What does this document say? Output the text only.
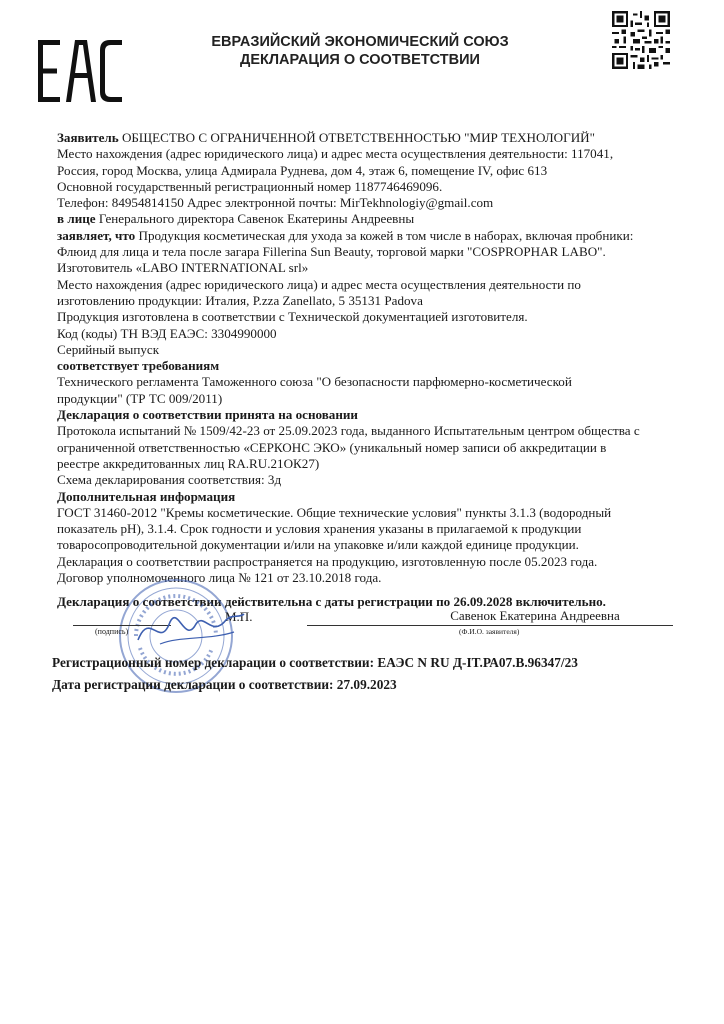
ЕВРАЗИЙСКИЙ ЭКОНОМИЧЕСКИЙ СОЮЗ
ДЕКЛАРАЦИЯ О СООТВЕТСТВИИ
Заявитель ОБЩЕСТВО С ОГРАНИЧЕННОЙ ОТВЕТСТВЕННОСТЬЮ "МИР ТЕХНОЛОГИЙ"
Место нахождения (адрес юридического лица) и адрес места осуществления деятельности: 117041,
Россия, город Москва, улица Адмирала Руднева, дом 4, этаж 6, помещение IV, офис 613
Основной государственный регистрационный номер 1187746469096.
Телефон: 84954814150 Адрес электронной почты: MirTekhnologiy@gmail.com
в лице Генерального директора Савенок Екатерины Андреевны
заявляет, что Продукция косметическая для ухода за кожей в том числе в наборах, включая пробники:
Флюид для лица и тела после загара Fillerina Sun Beauty, торговой марки "COSPROPHAR LABO".
Изготовитель «LABO INTERNATIONAL srl»
Место нахождения (адрес юридического лица) и адрес места осуществления деятельности по
изготовлению продукции: Италия, P.zza Zanellato, 5 35131 Padova
Продукция изготовлена в соответствии с Технической документацией изготовителя.
Код (коды) ТН ВЭД ЕАЭС: 3304990000
Серийный выпуск
соответствует требованиям
Технического регламента Таможенного союза "О безопасности парфюмерно-косметической
продукции" (ТР ТС 009/2011)
Декларация о соответствии принята на основании
Протокола испытаний № 1509/42-23 от 25.09.2023 года, выданного Испытательным центром общества с
ограниченной ответственностью «СЕРКОНС ЭКО» (уникальный номер записи об аккредитации в
реестре аккредитованных лиц RA.RU.21ОК27)
Схема декларирования соответствия: 3д
Дополнительная информация
ГОСТ 31460-2012 "Кремы косметические. Общие технические условия" пункты 3.1.3 (водородный
показатель pH), 3.1.4. Срок годности и условия хранения указаны в прилагаемой к продукции
товаросопроводительной документации и/или на упаковке и/или каждой единице продукции.
Декларация о соответствии распространяется на продукцию, изготовленную после 05.2023 года.
Договор уполномоченного лица № 121 от 23.10.2018 года.
Декларация о соответствии действительна с даты регистрации по 26.09.2028 включительно.
(подпись)
М.П.	Савенок Екатерина Андреевна
(Ф.И.О. заявителя)
Регистрационный номер декларации о соответствии: ЕАЭС N RU Д-IT.РА07.В.96347/23
Дата регистрации декларации о соответствии: 27.09.2023
